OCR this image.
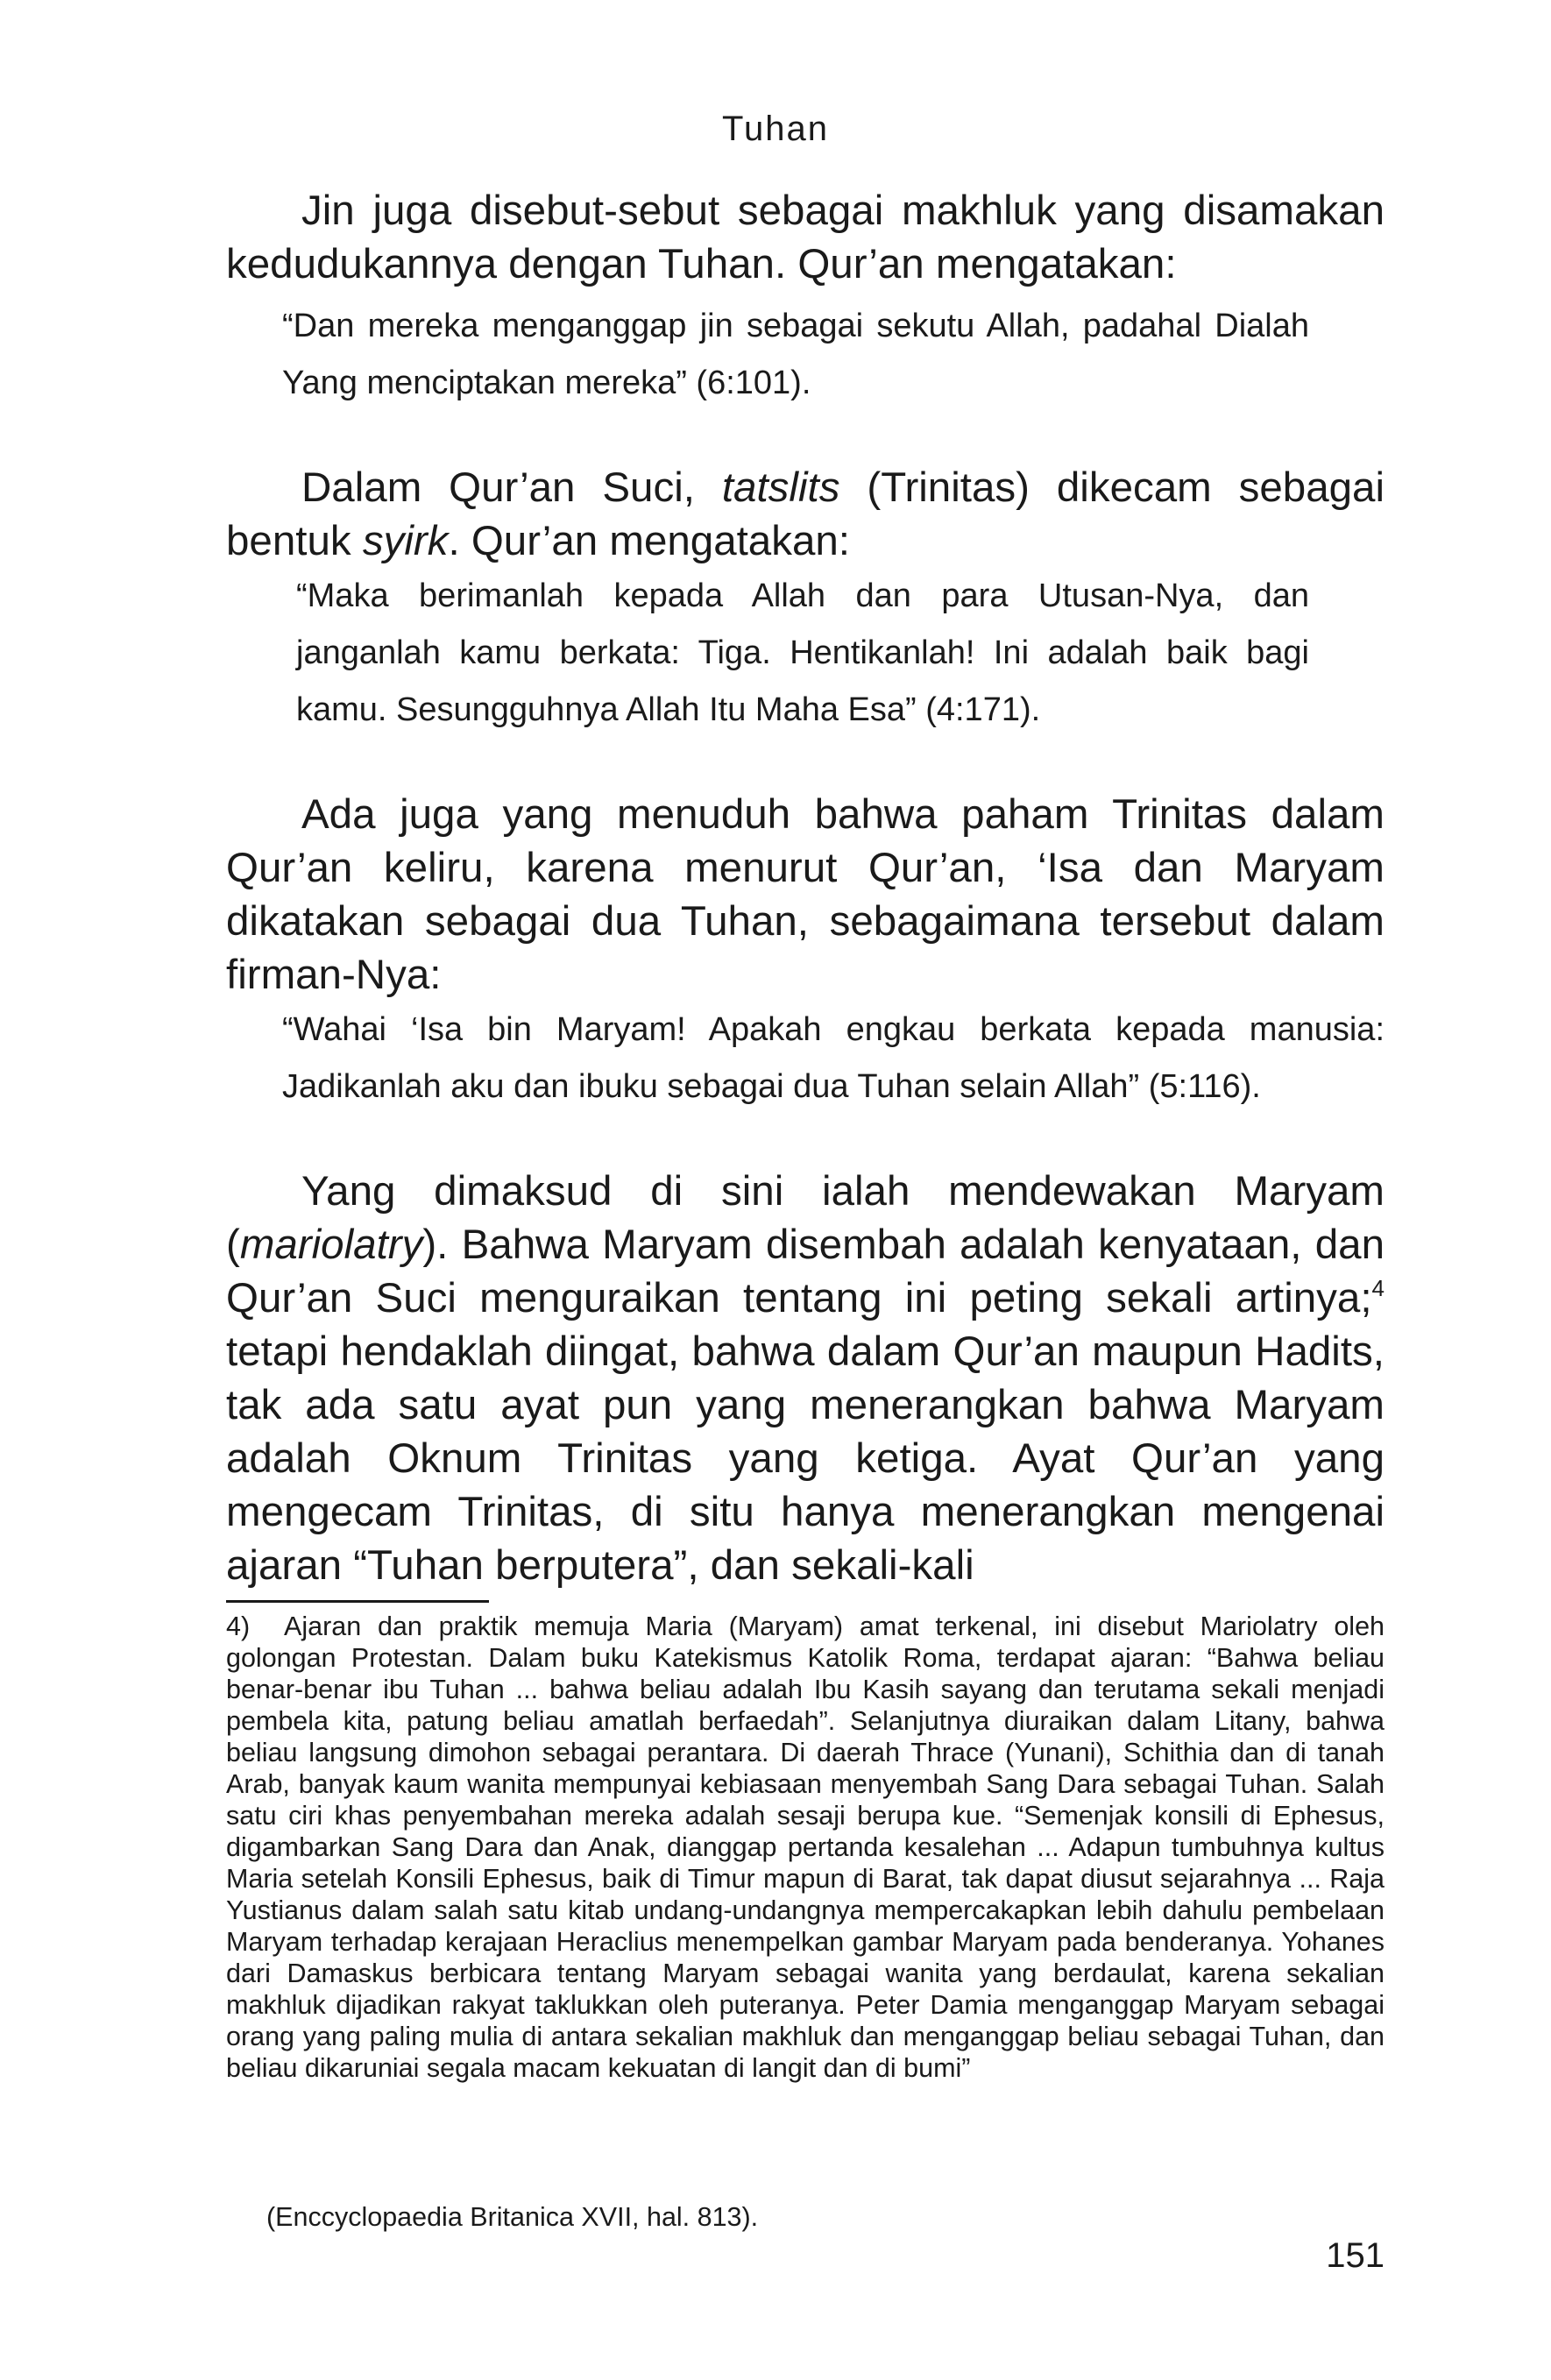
Tuhan

Jin juga disebut-sebut sebagai makhluk yang disamakan kedudukannya dengan Tuhan. Qur’an mengatakan:

“Dan mereka menganggap jin sebagai sekutu Allah, padahal Dialah Yang menciptakan mereka” (6:101).

Dalam Qur’an Suci, tatslits (Trinitas) dikecam sebagai bentuk syirk. Qur’an mengatakan:

“Maka berimanlah kepada Allah dan para Utusan-Nya, dan janganlah kamu berkata: Tiga. Hentikanlah! Ini adalah baik bagi kamu. Sesungguhnya Allah Itu Maha Esa” (4:171).

Ada juga yang menuduh bahwa paham Trinitas dalam Qur’an keliru, karena menurut Qur’an, ‘Isa dan Maryam dikatakan sebagai dua Tuhan, sebagaimana tersebut dalam firman-Nya:

“Wahai ‘Isa bin Maryam! Apakah engkau berkata kepada manusia: Jadikanlah aku dan ibuku sebagai dua Tuhan selain Allah” (5:116).

Yang dimaksud di sini ialah mendewakan Maryam (mariolatry). Bahwa Maryam disembah adalah kenyataan, dan Qur’an Suci menguraikan tentang ini peting sekali artinya;$^4$ tetapi hendaklah diingat, bahwa dalam Qur’an maupun Hadits, tak ada satu ayat pun yang menerangkan bahwa Maryam adalah Oknum Trinitas yang ketiga. Ayat Qur’an yang mengecam Trinitas, di situ hanya menerangkan mengenai ajaran “Tuhan berputera”, dan sekali-kali

4) Ajaran dan praktik memuja Maria (Maryam) amat terkenal, ini disebut Mariolatry oleh golongan Protestan. Dalam buku Katekismus Katolik Roma, terdapat ajaran: “Bahwa beliau benar-benar ibu Tuhan ... bahwa beliau adalah Ibu Kasih sayang dan terutama sekali menjadi pembela kita, patung beliau amatlah berfaedah”. Selanjutnya diuraikan dalam Litany, bahwa beliau langsung dimohon sebagai perantara. Di daerah Thrace (Yunani), Schithia dan di tanah Arab, banyak kaum wanita mempunyai kebiasaan menyembah Sang Dara sebagai Tuhan. Salah satu ciri khas penyembahan mereka adalah sesaji berupa kue. “Semenjak konsili di Ephesus, digambarkan Sang Dara dan Anak, dianggap pertanda kesalehan ... Adapun tumbuhnya kultus Maria setelah Konsili Ephesus, baik di Timur mapun di Barat, tak dapat diusut sejarahnya ... Raja Yustianus dalam salah satu kitab undang-undangnya mempercakapkan lebih dahulu pembelaan Maryam terhadap kerajaan Heraclius menempelkan gambar Maryam pada benderanya. Yohanes dari Damaskus berbicara tentang Maryam sebagai wanita yang berdaulat, karena sekalian makhluk dijadikan rakyat taklukkan oleh puteranya. Peter Damia menganggap Maryam sebagai orang yang paling mulia di antara sekalian makhluk dan menganggap beliau sebagai Tuhan, dan beliau dikaruniai segala macam kekuatan di langit dan di bumi”

(Enccyclopaedia Britanica XVII, hal. 813).
151
